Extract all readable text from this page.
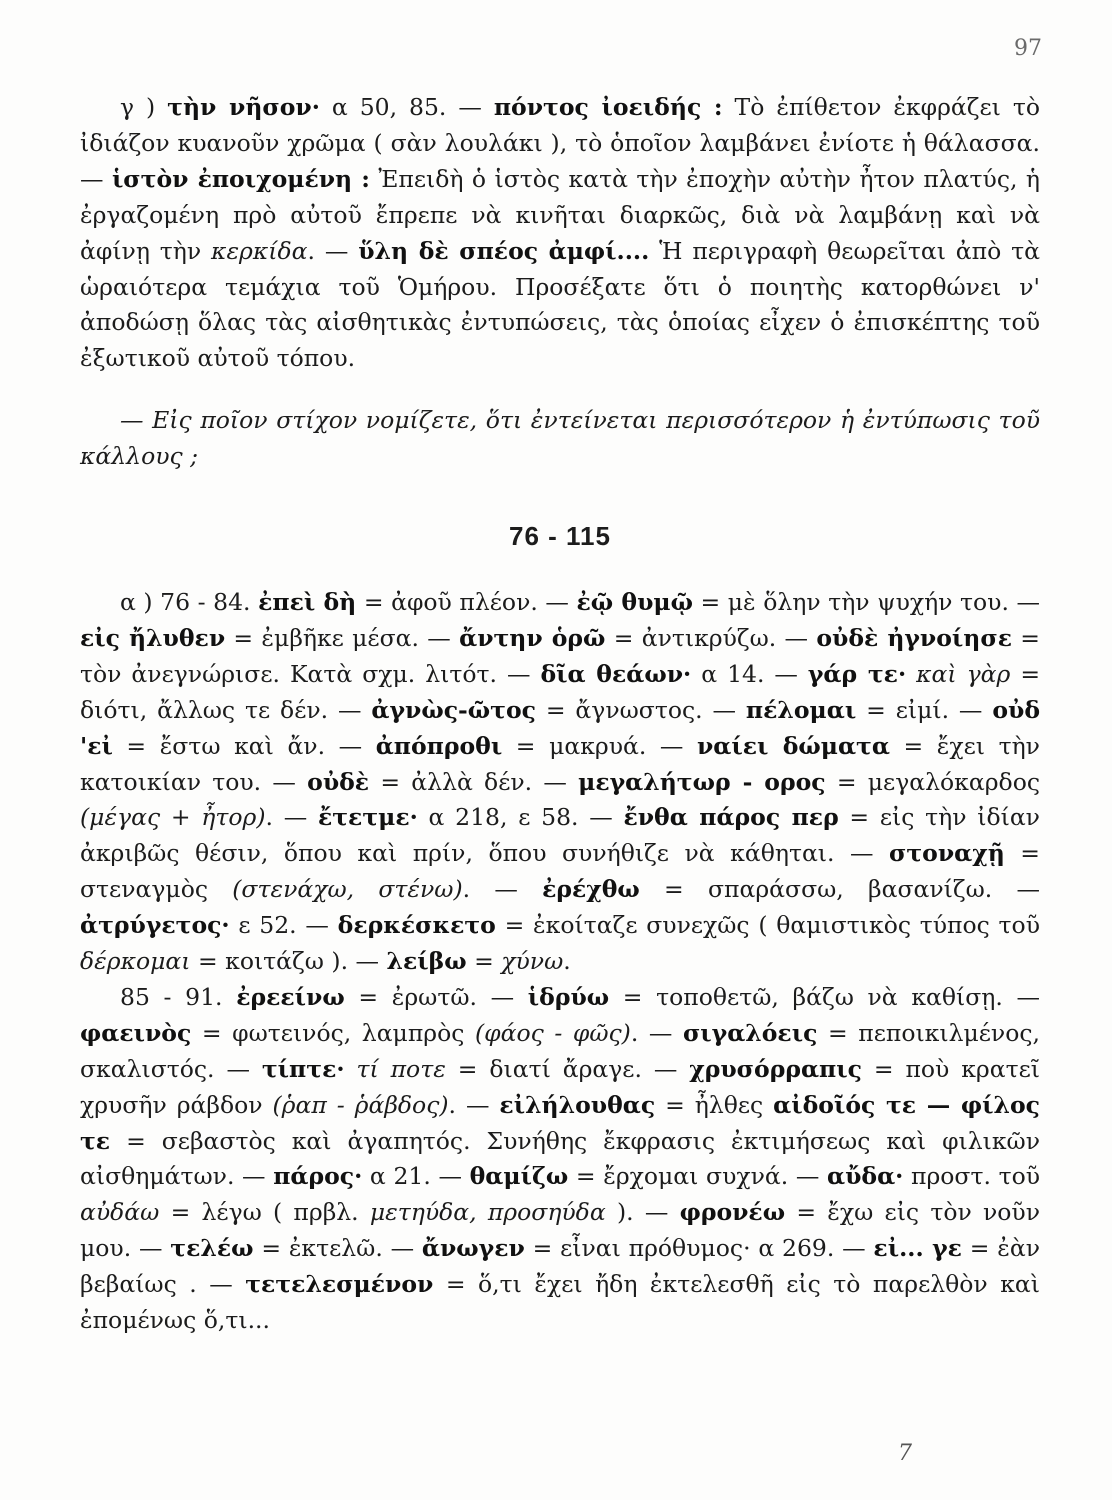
97

γ ) τὴν νῆσον· α 50, 85. — πόντος ἰοειδής : Τὸ ἐπίθετον ἐκφράζει τὸ ἰδιάζον κυανοῦν χρῶμα ( σὰν λουλάκι ), τὸ ὁποῖον λαμβάνει ἐνίοτε ἡ θάλασσα. — ἱστὸν ἐποιχομένη : Ἐπειδὴ ὁ ἱστὸς κατὰ τὴν ἐποχὴν αὐτὴν ἦτον πλατύς, ἡ ἐργαζομένη πρὸ αὐτοῦ ἔπρεπε νὰ κινῆται διαρκῶς, διὰ νὰ λαμβάνῃ καὶ νὰ ἀφίνῃ τὴν κερκίδα. — ὕλη δὲ σπέος ἀμφί.... Ἡ περιγραφὴ θεωρεῖται ἀπὸ τὰ ὡραιότερα τεμάχια τοῦ Ὁμήρου. Προσέξατε ὅτι ὁ ποιητὴς κατορθώνει ν' ἀποδώσῃ ὅλας τὰς αἰσθητικὰς ἐντυπώσεις, τὰς ὁποίας εἶχεν ὁ ἐπισκέπτης τοῦ ἐξωτικοῦ αὐτοῦ τόπου.

— Εἰς ποῖον στίχον νομίζετε, ὅτι ἐντείνεται περισσότερον ἡ ἐντύπωσις τοῦ κάλλους ;

76 - 115

α ) 76 - 84. ἐπεὶ δὴ = ἀφοῦ πλέον. — ἐῷ θυμῷ = μὲ ὅλην τὴν ψυχήν του. — εἰς ἤλυθεν = ἐμβῆκε μέσα. — ἄντην ὁρῶ = ἀντικρύζω. — οὐδὲ ἠγνοίησε = τὸν ἀνεγνώρισε. Κατὰ σχμ. λιτότ. — δῖα θεάων· α 14. — γάρ τε· καὶ γὰρ = διότι, ἄλλως τε δέν. — ἀγνὼς-ῶτος = ἄγνωστος. — πέλομαι = εἰμί. — οὐδ 'εἰ = ἔστω καὶ ἄν. — ἀπόπροθι = μακρυά. — ναίει δώματα = ἔχει τὴν κατοικίαν του. — οὐδὲ = ἀλλὰ δέν. — μεγαλήτωρ - ορος = μεγαλόκαρδος (μέγας + ἦτορ). — ἔτετμε· α 218, ε 58. — ἔνθα πάρος περ = εἰς τὴν ἰδίαν ἀκριβῶς θέσιν, ὅπου καὶ πρίν, ὅπου συνήθιζε νὰ κάθηται. — στοναχῇ = στεναγμὸς (στενάχω, στένω). — ἐρέχθω = σπαράσσω, βασανίζω. — ἀτρύγετος· ε 52. — δερκέσκετο = ἐκοίταζε συνεχῶς ( θαμιστικὸς τύπος τοῦ δέρκομαι = κοιτάζω ). — λείβω = χύνω.

85 - 91. ἐρεείνω = ἐρωτῶ. — ἱδρύω = τοποθετῶ, βάζω νὰ καθίσῃ. — φαεινὸς = φωτεινός, λαμπρὸς (φάος - φῶς). — σιγαλόεις = πεποικιλμένος, σκαλιστός. — τίπτε· τί ποτε = διατί ἄραγε. — χρυσόρραπις = ποὺ κρατεῖ χρυσῆν ράβδον (ῥαπ - ῥάβδος). — εἰλήλουθας = ἦλθες αἰδοῖός τε — φίλος τε = σεβαστὸς καὶ ἀγαπητός. Συνήθης ἔκφρασις ἐκτιμήσεως καὶ φιλικῶν αἰσθημάτων. — πάρος· α 21. — θαμίζω = ἔρχομαι συχνά. — αὔδα· προστ. τοῦ αὐδάω = λέγω ( πρβλ. μετηύδα, προσηύδα ). — φρονέω = ἔχω εἰς τὸν νοῦν μου. — τελέω = ἐκτελῶ. — ἄνωγεν = εἶναι πρόθυμος· α 269. — εἰ... γε = ἐὰν βεβαίως . — τετελεσμένον = ὅ,τι ἔχει ἤδη ἐκτελεσθῆ εἰς τὸ παρελθὸν καὶ ἐπομένως ὅ,τι...

7
